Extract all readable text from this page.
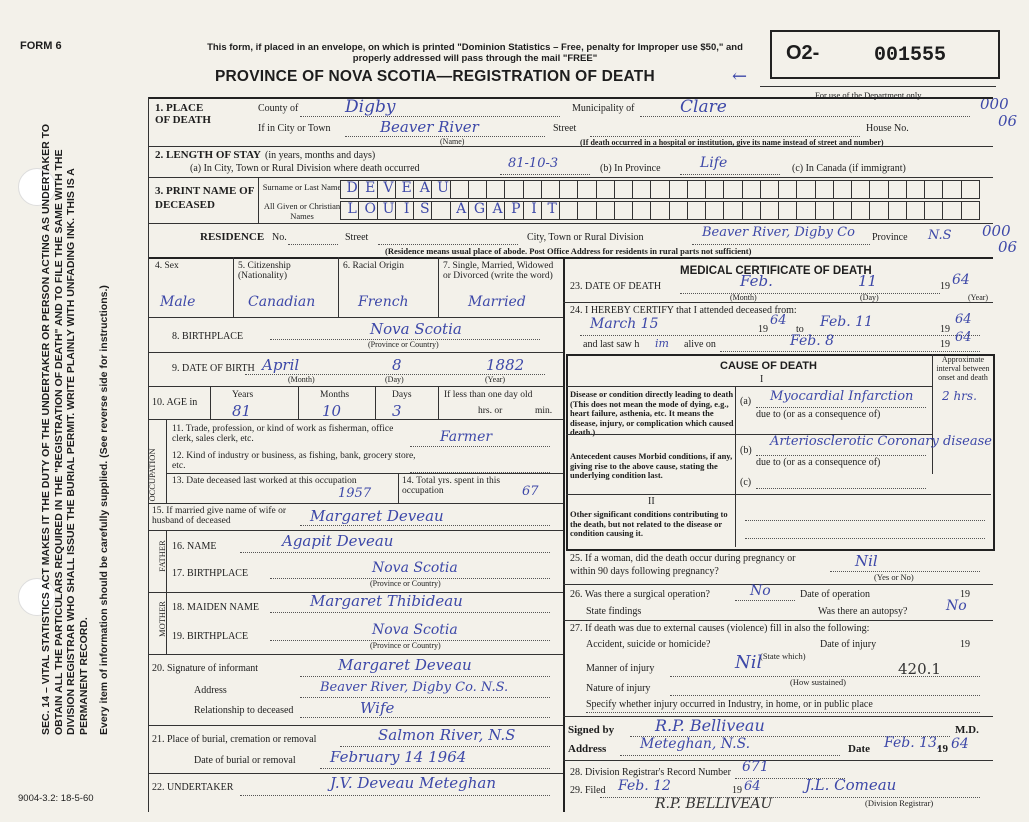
FORM 6	This form, if placed in an envelope, on which is printed "Dominion Statistics – Free, penalty for Improper use $50," and properly addressed will pass through the mail "FREE"
PROVINCE OF NOVA SCOTIA—REGISTRATION OF DEATH	←
O2-	001555
For use of the Department only	000
06
000
06
SEC. 14 – VITAL STATISTICS ACT MAKES IT THE DUTY OF THE UNDERTAKER OR PERSON ACTING AS UNDERTAKER TO OBTAIN ALL THE PARTICULARS REQUIRED IN THE "REGISTRATION OF DEATH" AND TO FILE THE SAME WITH THE DIVISION REGISTRAR WHO SHALL ISSUE THE BURIAL PERMIT. WRITE PLAINLY WITH UNFADING INK. THIS IS A PERMANENT RECORD. Every item of information should be carefully supplied. (See reverse side for instructions.)
1. PLACE OF DEATH
County of	Digby	Municipality of	Clare
If in City or Town	Beaver River
(Name)
Street	House No.
(If death occurred in a hospital or institution, give its name instead of street and number)
2. LENGTH OF STAY (in years, months and days)
(a) In City, Town or Rural Division where death occurred	81-10-3	(b) In Province	Life	(c) In Canada (if immigrant)
3. PRINT NAME OF DECEASED
Surname or Last Name
All Given or Christian Names
D E V E A U
L O U I S	A G A P I T
RESIDENCE No.	Street	City, Town or Rural Division	Beaver River, Digby Co Province N.S
(Residence means usual place of abode. Post Office Address for residents in rural parts not sufficient)
4. Sex	5. Citizenship (Nationality)
6. Racial Origin	7. Single, Married, Widowed or Divorced (write the word)
Male	Canadian	French	Married
8. BIRTHPLACE	Nova Scotia
(Province or Country)
9. DATE OF BIRTH April	8	1882
(Month)	(Day)	(Year)
10. AGE in
Years	Months	Days	If less than one day old
81	10	3	hrs. or	min.
OCCUPATION
11. Trade, profession, or kind of work as fisherman, office clerk, sales clerk, etc.	Farmer
12. Kind of industry or business, as fishing, bank, grocery store, etc.
13. Date deceased last worked at this occupation
1957
14. Total yrs. spent in this occupation	67
15. If married give name of wife or husband of deceased	Margaret Deveau
FATHER 16. NAME	Agapit Deveau
17. BIRTHPLACE	Nova Scotia
(Province or Country)
MOTHER 18. MAIDEN NAME	Margaret Thibideau
19. BIRTHPLACE	Nova Scotia
(Province or Country)
20. Signature of informant	Margaret Deveau
Address	Beaver River, Digby Co. N.S.
Relationship to deceased	Wife
21. Place of burial, cremation or removal	Salmon River, N.S
Date of burial or removal February 14 1964
22. UNDERTAKER	J.V. Deveau Meteghan
9004-3.2: 18-5-60	R.P. BELLIVEAU
MEDICAL CERTIFICATE OF DEATH
23. DATE OF DEATH	Feb.	11	19 64
(Month)	(Day)	(Year)
24. I HEREBY CERTIFY that I attended deceased from:
March 15	19
64
to Feb. 11	19
64
and last saw h im alive on	Feb. 8	19 64
CAUSE OF DEATH
I
Approximate interval between onset and death
Disease or condition directly leading to death (This does not mean the mode of dying, e.g., heart failure, asthenia, etc. It means the disease, injury, or complication which caused death.)
(a) Myocardial Infarction 2 hrs.
due to (or as a consequence of)
Arteriosclerotic Coronary disease
(b)
Antecedent causes Morbid conditions, if any, giving rise to the above cause, stating the underlying condition last.
due to (or as a consequence of)
(c)
II
Other significant conditions contributing to the death, but not related to the disease or condition causing it.
25. If a woman, did the death occur during pregnancy or within 90 days following pregnancy?
Nil
(Yes or No)
26. Was there a surgical operation?	No	Date of operation	19
State findings	Was there an autopsy?	No
27. If death was due to external causes (violence) fill in also the following:
Accident, suicide or homicide?	Date of injury	19
(State which)
Manner of injury	Nil	420.1
(How sustained)
Nature of injury
Specify whether injury occurred in Industry, in home, or in public place
Signed by	R.P. Belliveau	M.D.
Address Meteghan, N.S.	Date Feb. 13,
19 64
28. Division Registrar's Record Number 671
29. Filed Feb. 12	19 64	J.L. Comeau
(Division Registrar)
